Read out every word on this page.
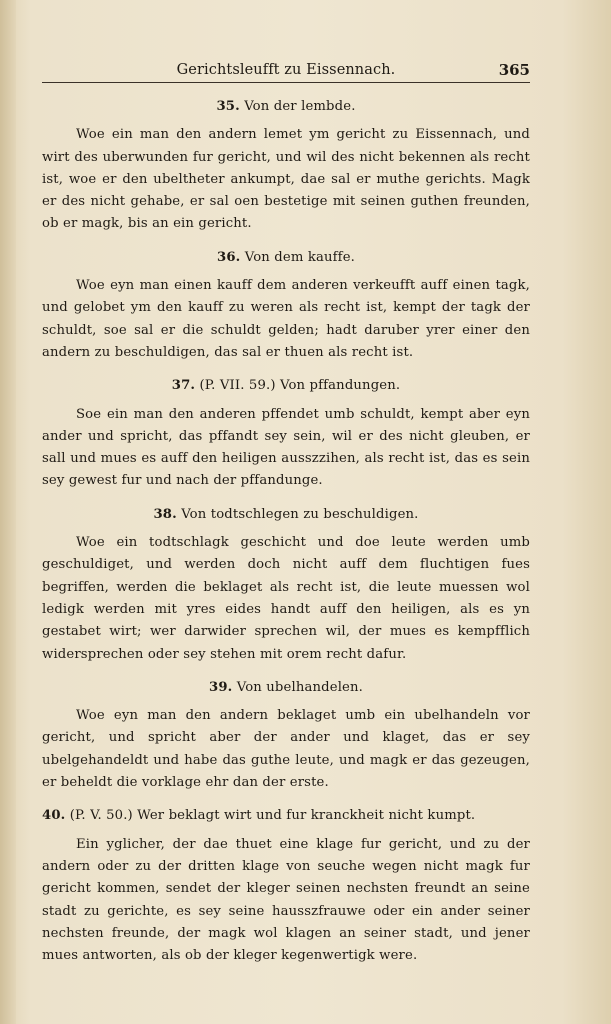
Gerichtsleufft zu Eissennach.	365
35. Von der lembde.

Woe ein man den andern lemet ym gericht zu Eissennach, und wirt des uberwunden fur gericht, und wil des nicht bekennen als recht ist, woe er den ubeltheter ankumpt, dae sal er muthe gerichts. Magk er des nicht gehabe, er sal oen bestetige mit seinen guthen freunden, ob er magk, bis an ein gericht.

36. Von dem kauffe.

Woe eyn man einen kauff dem anderen verkeufft auff einen tagk, und gelobet ym den kauff zu weren als recht ist, kempt der tagk der schuldt, soe sal er die schuldt gelden; hadt daruber yrer einer den andern zu beschuldigen, das sal er thuen als recht ist.

37. (P. VII. 59.) Von pffandungen.

Soe ein man den anderen pffendet umb schuldt, kempt aber eyn ander und spricht, das pffandt sey sein, wil er des nicht gleuben, er sall und mues es auff den heiligen ausszzihen, als recht ist, das es sein sey gewest fur und nach der pffandunge.

38. Von todtschlegen zu beschuldigen.

Woe ein todtschlagk geschicht und doe leute werden umb geschuldiget, und werden doch nicht auff dem fluchtigen fues begriffen, werden die beklaget als recht ist, die leute muessen wol ledigk werden mit yres eides handt auff den heiligen, als es yn gestabet wirt; wer darwider sprechen wil, der mues es kempfflich widersprechen oder sey stehen mit orem recht dafur.

39. Von ubelhandelen.

Woe eyn man den andern beklaget umb ein ubelhandeln vor gericht, und spricht aber der ander und klaget, das er sey ubelgehandeldt und habe das guthe leute, und magk er das gezeugen, er beheldt die vorklage ehr dan der erste.

40. (P. V. 50.) Wer beklagt wirt und fur kranckheit nicht kumpt.

Ein yglicher, der dae thuet eine klage fur gericht, und zu der andern oder zu der dritten klage von seuche wegen nicht magk fur gericht kommen, sendet der kleger seinen nechsten freundt an seine stadt zu gerichte, es sey seine hausszfrauwe oder ein ander seiner nechsten freunde, der magk wol klagen an seiner stadt, und jener mues antworten, als ob der kleger kegenwertigk were.
